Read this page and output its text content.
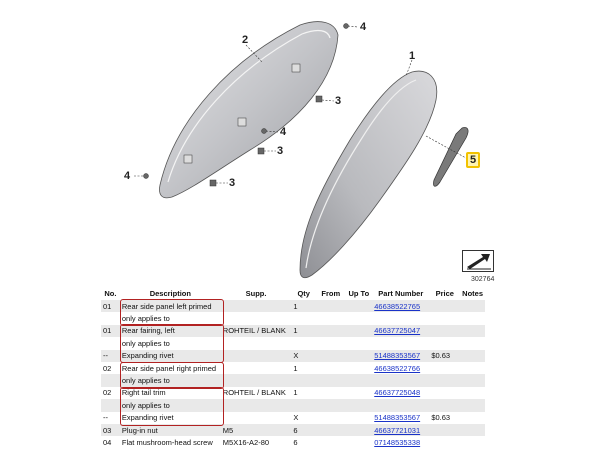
2
1
3
3
3
4
4
4
5
302764
No.	Description	Supp.	Qty	From	Up To	Part Number	Price	Notes
01	Rear side panel left primed		1			46638522765		
	only applies to							
01	Rear fairing, left	ROHTEIL / BLANK	1			46637725047		
	only applies to							
--	Expanding rivet		X			51488353567	$0.63	
02	Rear side panel right primed		1			46638522766		
	only applies to							
02	Right tail trim	ROHTEIL / BLANK	1			46637725048		
	only applies to							
--	Expanding rivet		X			51488353567	$0.63	
03	Plug-in nut	M5	6			46637721031		
04	Flat mushroom-head screw	M5X16-A2-80	6			07148535338		
